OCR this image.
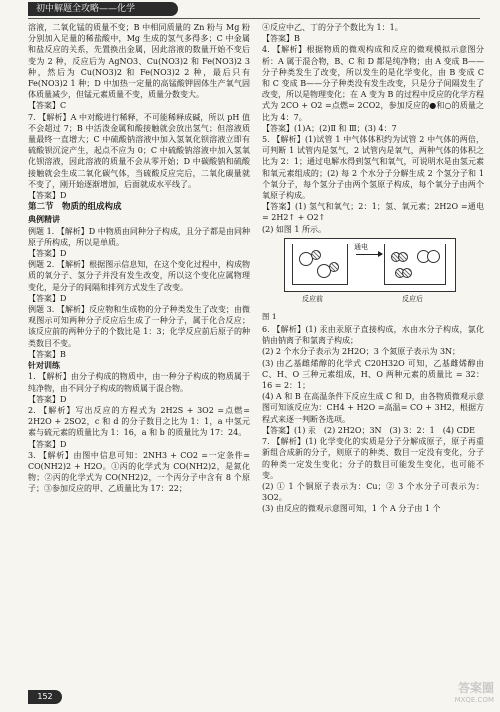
初中解题全攻略——化学

溶液，二氧化锰的质量不变；B 中相同质量的 Zn 粉与 Mg 粉分别加入足量的稀盐酸中，Mg 生成的氢气多得多；C 中金属和盐反应的关系，先置换出金属，因此溶液的数量开始不变后变为 2 种，反应后为 AgNO3、Cu(NO3)2 和 Fe(NO3)2 3 种，然后为 Cu(NO3)2 和 Fe(NO3)2 2 种，最后只有 Fe(NO3)2 1 种；D 中加热一定量的高锰酸钾固体生产氧气固体质量减少，但锰元素质量不变，质量分数变大。

【答案】C

7. 【解析】A 中对酸进行稀释，不可能稀释成碱，所以 pH 值不会超过 7；B 中活泼金属和酸接触就会放出氢气；但溶液质量最终一直增大；C 中硫酸钠溶液中加入氢氧化钡溶液立即有硫酸钡沉淀产生，起点不应为 0；C 中硫酸钠溶液中加入氢氧化钡溶液，因此溶液的质量不会从零开始；D 中碳酸钠和硫酸接触就会生成二氧化碳气体，当硫酸反应完后，二氧化碳量就不变了，刚开始逐渐增加，后面就成水平线了。

【答案】D

第二节　物质的组成构成

典例精讲

例题 1. 【解析】D 中物质由同种分子构成，且分子都是由同种原子所构成，所以是单质。

【答案】D

例题 2. 【解析】根据图示信息知，在这个变化过程中，构成物质的氧分子、氢分子并没有发生改变，所以这个变化应属物理变化，是分子的间隔和排列方式发生了改变。

【答案】D

例题 3. 【解析】反应物和生成物的分子种类发生了改变；由微观图示可知两种分子反应后生成了一种分子，属于化合反应；该反应前的两种分子的个数比是 1：3；化学反应前后原子的种类数目不变。

【答案】B

针对训练

1. 【解析】由分子构成的物质中，由一种分子构成的物质属于纯净物，由不同分子构成的物质属于混合物。

【答案】D

2. 【解析】写出反应的方程式为 2H2S + 3O2 =点燃= 2H2O + 2SO2，c 和 d 的分子数目之比为 1：1，a 中氢元素与硫元素的质量比为 1：16，a 和 b 的质量比为 17：24。

【答案】D

3. 【解析】由图中信息可知：2NH3 + CO2 =一定条件= CO(NH2)2 + H2O。①丙的化学式为 CO(NH2)2，是氮化物；②丙的化学式为 CO(NH2)2，一个丙分子中含有 8 个原子；③参加反应的甲、乙质量比为 17：22；

④反应中乙、丁的分子个数比为 1：1。

【答案】B

4. 【解析】根据物质的微观构成和反应的微观模拟示意图分析：A 属于混合物，B、C 和 D 都是纯净物；由 A 变成 B——分子种类发生了改变，所以发生的是化学变化，由 B 变成 C 和 C 变成 B——分子种类没有发生改变，只是分子间隔发生了改变，所以是物理变化；在 A 变为 B 的过程中反应的化学方程式为 2CO + O2 =点燃= 2CO2，参加反应的●和○的质量之比为 4：7。

【答案】(1)A；(2)Ⅱ 和 Ⅲ；(3) 4：7

5. 【解析】(1)试管 1 中气体体积约为试管 2 中气体的两倍，可判断 1 试管内是氢气，2 试管内是氧气，两种气体的体积之比为 2：1；通过电解水得到氢气和氧气，可说明水是由氢元素和氧元素组成的；(2) 每 2 个水分子分解生成 2 个氢分子和 1 个氧分子，每个氢分子由两个氢原子构成，每个氧分子由两个氧原子构成。

【答案】(1) 氢气和氧气；2：1；氢、氧元素；2H2O =通电= 2H2↑ + O2↑

(2) 如图 1 所示。

通电
反应前	反应后

图 1

6. 【解析】(1) 汞由汞原子直接构成，水由水分子构成，氯化钠由钠离子和氯离子构成；

(2) 2 个水分子表示为 2H2O；3 个氮原子表示为 3N；

(3) 由乙基雌烯醇的化学式 C20H32O 可知，乙基雌烯醇由 C、H、O 三种元素组成，H、O 两种元素的质量比 = 32：16 = 2：1；

(4) A 和 B 在高温条件下反应生成 C 和 D，由各物质微观示意图可知该反应为：CH4 + H2O =高温= CO + 3H2，根据方程式来逐一判断各选项。

【答案】(1) 汞　(2) 2H2O；3N　(3) 3：2：1　(4) CDE

7. 【解析】(1) 化学变化的实质是分子分解成原子，原子再重新组合成新的分子，则原子的种类、数目一定没有变化，分子的种类一定发生变化；分子的数目可能发生变化，也可能不变。

(2) ① 1 个铜原子表示为：Cu；② 3 个水分子可表示为：3O2。

(3) 由反应的微观示意图可知，1 个 A 分子由 1 个

152
答案圈
MXQE.COM
